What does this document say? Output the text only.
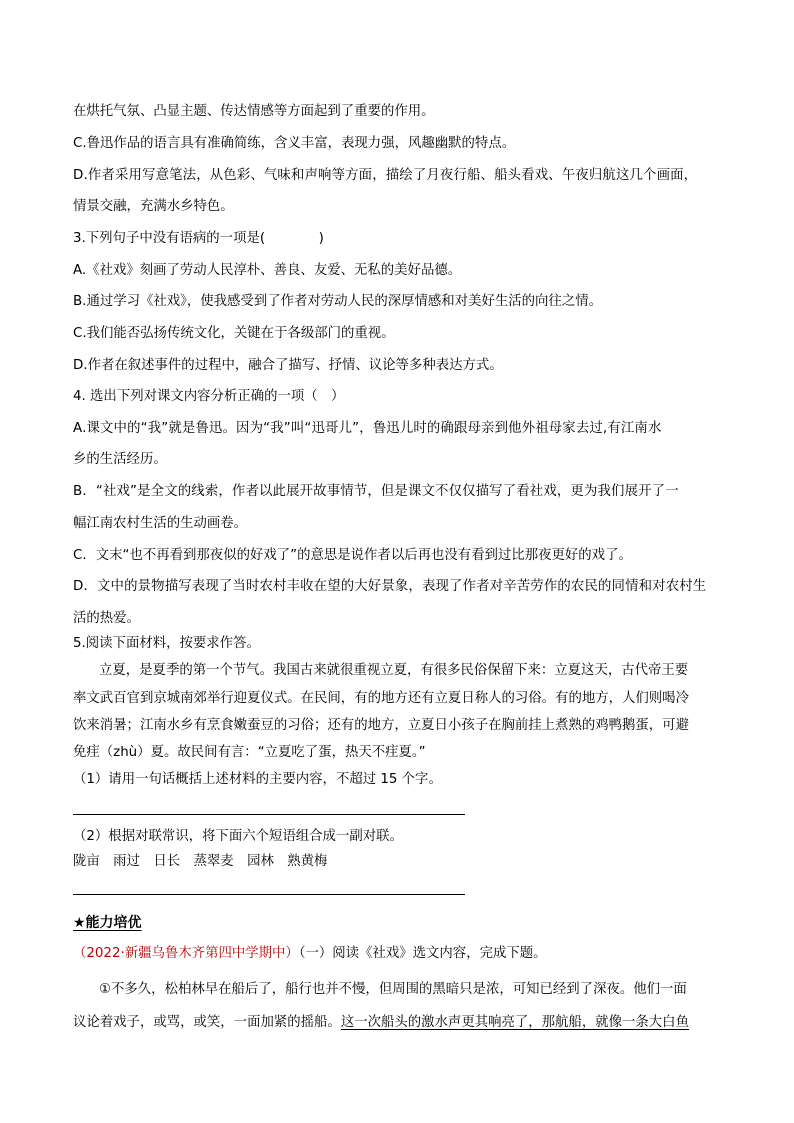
在烘托气氛、凸显主题、传达情感等方面起到了重要的作用。
C.鲁迅作品的语言具有准确简练，含义丰富，表现力强，风趣幽默的特点。
D.作者采用写意笔法，从色彩、气味和声响等方面，描绘了月夜行船、船头看戏、午夜归航这几个画面，
情景交融，充满水乡特色。
3.下列句子中没有语病的一项是(　　　　)
A.《社戏》刻画了劳动人民淳朴、善良、友爱、无私的美好品德。
B.通过学习《社戏》，使我感受到了作者对劳动人民的深厚情感和对美好生活的向往之情。
C.我们能否弘扬传统文化，关键在于各级部门的重视。
D.作者在叙述事件的过程中，融合了描写、抒情、议论等多种表达方式。
4. 选出下列对课文内容分析正确的一项（　）
A.课文中的“我”就是鲁迅。因为“我”叫“迅哥儿”，鲁迅儿时的确跟母亲到他外祖母家去过,有江南水
乡的生活经历。
B．“社戏”是全文的线索，作者以此展开故事情节，但是课文不仅仅描写了看社戏，更为我们展开了一
幅江南农村生活的生动画卷。
C．文末“也不再看到那夜似的好戏了”的意思是说作者以后再也没有看到过比那夜更好的戏了。
D．文中的景物描写表现了当时农村丰收在望的大好景象，表现了作者对辛苦劳作的农民的同情和对农村生
活的热爱。
5.阅读下面材料，按要求作答。
立夏，是夏季的第一个节气。我国古来就很重视立夏，有很多民俗保留下来：立夏这天，古代帝王要
率文武百官到京城南郊举行迎夏仪式。在民间，有的地方还有立夏日称人的习俗。有的地方，人们则喝冷
饮来消暑；江南水乡有烹食嫩蚕豆的习俗；还有的地方，立夏日小孩子在胸前挂上煮熟的鸡鸭鹅蛋，可避
免疰（zhù）夏。故民间有言：“立夏吃了蛋，热天不疰夏。”
（1）请用一句话概括上述材料的主要内容，不超过 15 个字。
（2）根据对联常识，将下面六个短语组合成一副对联。
陇亩　雨过　日长　蒸翠麦　园林　熟黄梅
★能力培优
（2022·新疆乌鲁木齐第四中学期中）（一）阅读《社戏》选文内容，完成下题。
①不多久，松柏林早在船后了，船行也并不慢，但周围的黑暗只是浓，可知已经到了深夜。他们一面
议论着戏子，或骂，或笑，一面加紧的摇船。这一次船头的激水声更其响亮了，那航船，就像一条大白鱼
